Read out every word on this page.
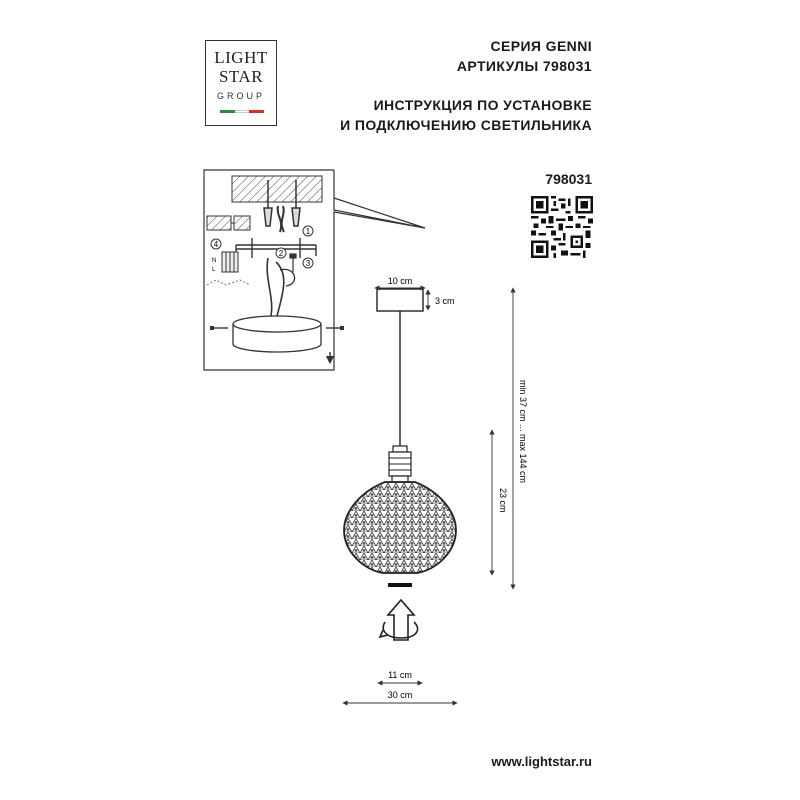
LIGHT
STAR
GROUP
СЕРИЯ GENNI
АРТИКУЛЫ 798031
ИНСТРУКЦИЯ ПО УСТАНОВКЕ
И ПОДКЛЮЧЕНИЮ СВЕТИЛЬНИКА
798031
1
2
4
N
L
3
10 cm
3 cm
min 37 cm ... max 144 cm
23 cm
11 cm
30 cm
www.lightstar.ru
